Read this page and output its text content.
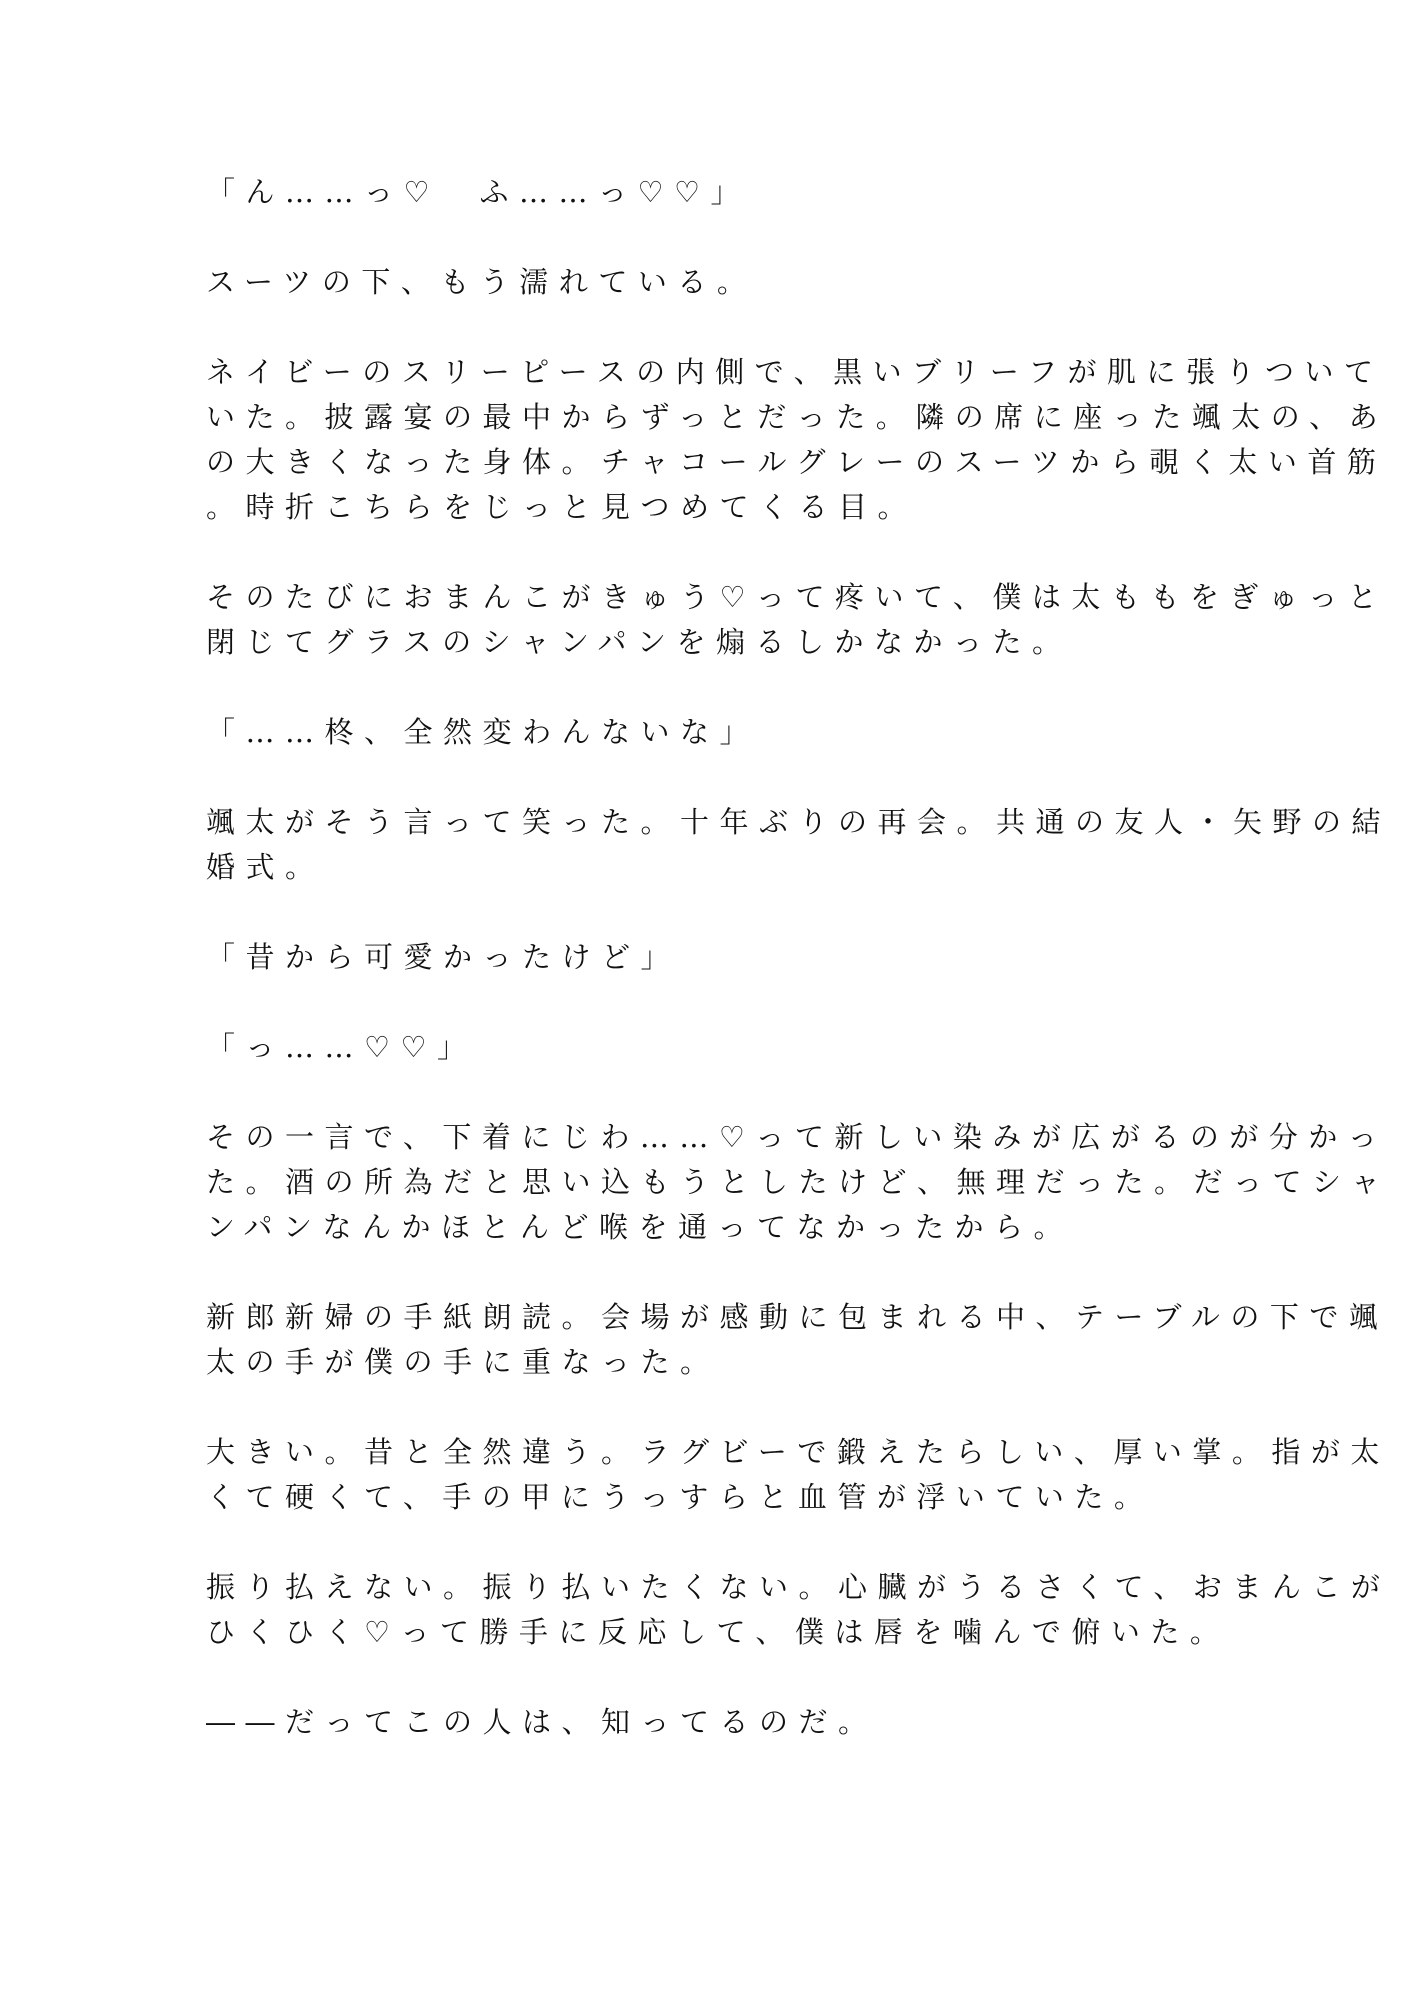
「ん……っ♡　ふ……っ♡♡」

スーツの下、もう濡れている。

ネイビーのスリーピースの内側で、黒いブリーフが肌に張りついて
いた。披露宴の最中からずっとだった。隣の席に座った颯太の、あ
の大きくなった身体。チャコールグレーのスーツから覗く太い首筋
。時折こちらをじっと見つめてくる目。

そのたびにおまんこがきゅう♡って疼いて、僕は太ももをぎゅっと
閉じてグラスのシャンパンを煽るしかなかった。

「……柊、全然変わんないな」

颯太がそう言って笑った。十年ぶりの再会。共通の友人・矢野の結
婚式。

「昔から可愛かったけど」

「っ……♡♡」

その一言で、下着にじわ……♡って新しい染みが広がるのが分かっ
た。酒の所為だと思い込もうとしたけど、無理だった。だってシャ
ンパンなんかほとんど喉を通ってなかったから。

新郎新婦の手紙朗読。会場が感動に包まれる中、テーブルの下で颯
太の手が僕の手に重なった。

大きい。昔と全然違う。ラグビーで鍛えたらしい、厚い掌。指が太
くて硬くて、手の甲にうっすらと血管が浮いていた。

振り払えない。振り払いたくない。心臓がうるさくて、おまんこが
ひくひく♡って勝手に反応して、僕は唇を噛んで俯いた。

――だってこの人は、知ってるのだ。
